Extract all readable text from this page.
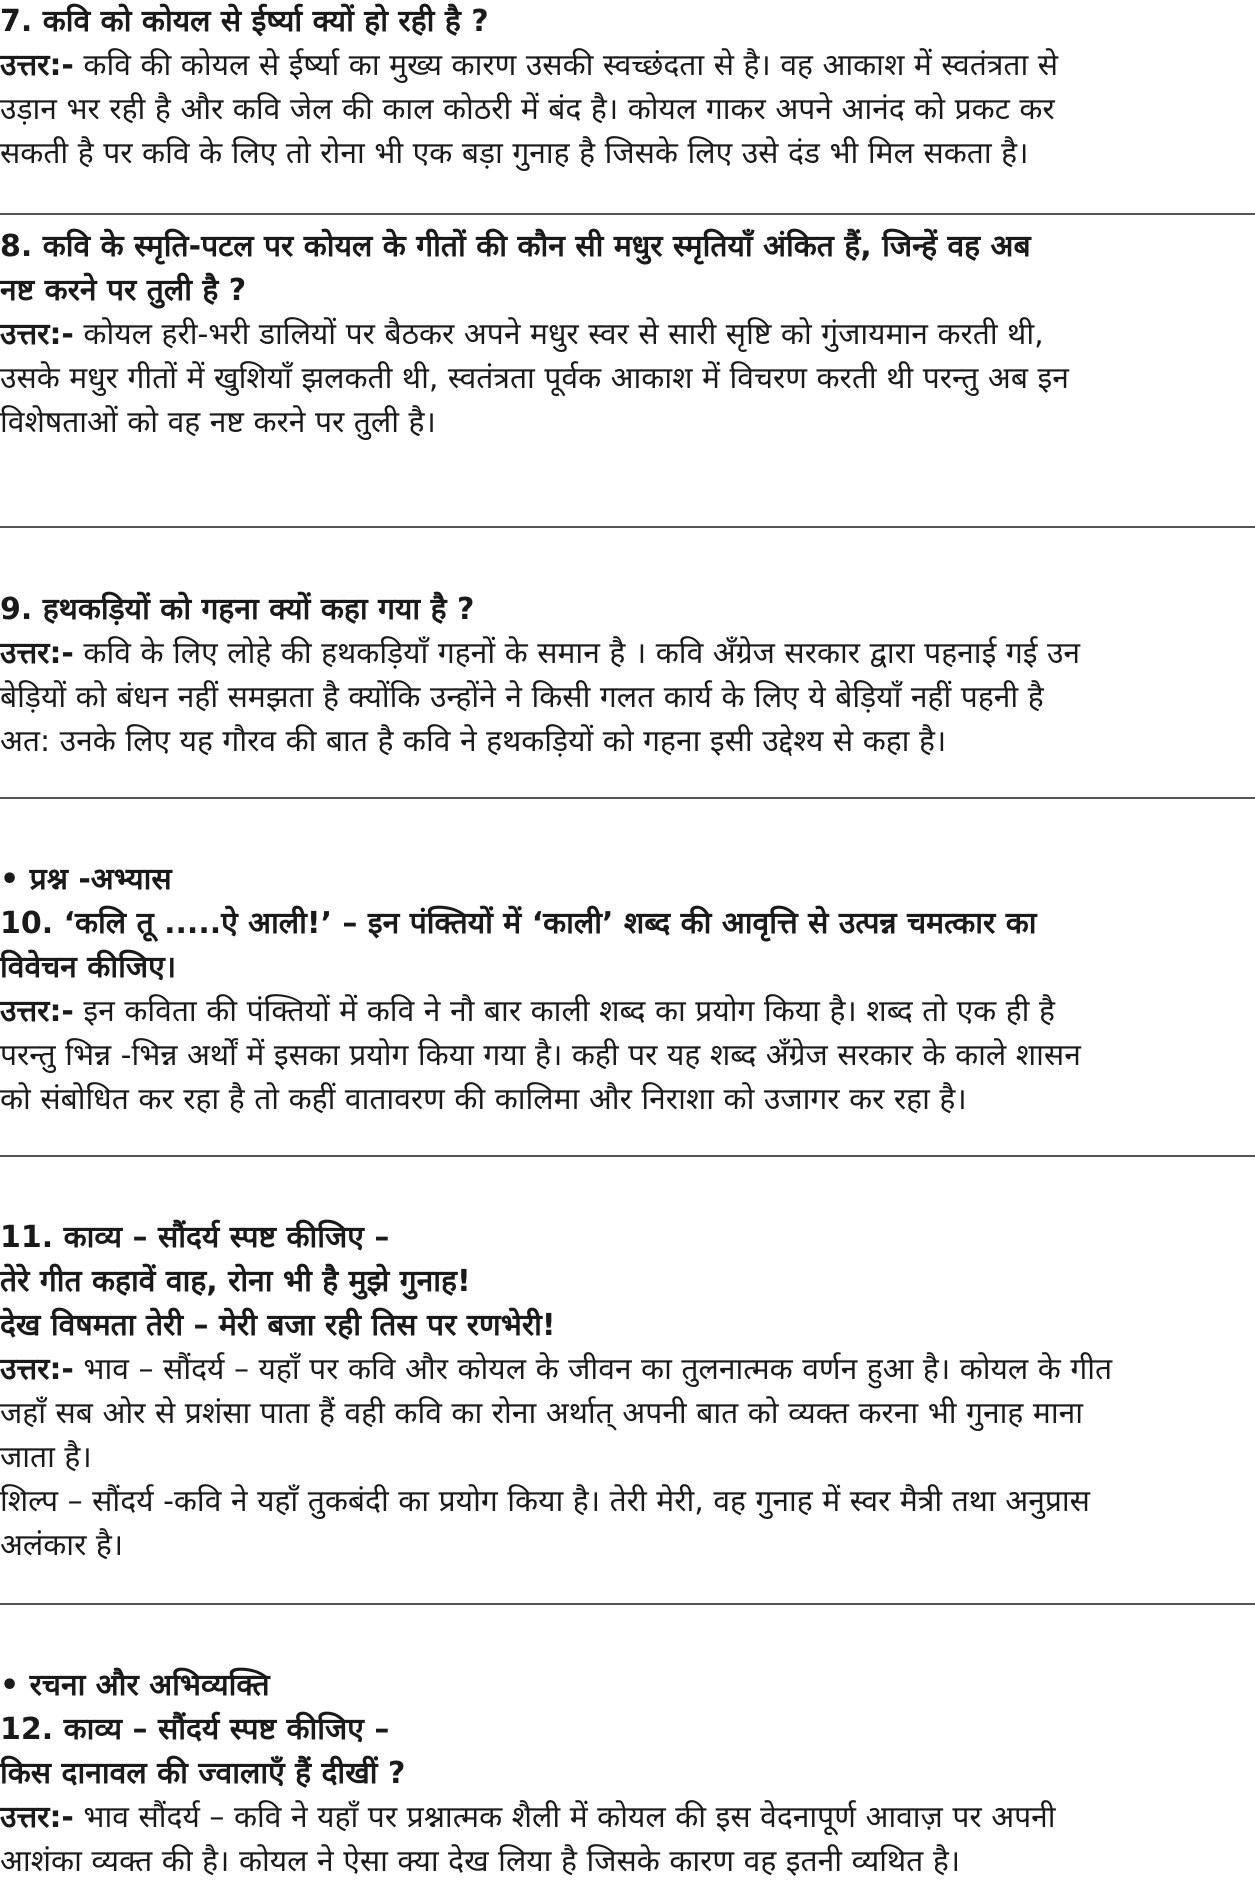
7. कवि को कोयल से ईर्ष्या क्यों हो रही है ?
उत्तर:- कवि की कोयल से ईर्ष्या का मुख्य कारण उसकी स्वच्छंदता से है। वह आकाश में स्वतंत्रता से
उड़ान भर रही है और कवि जेल की काल कोठरी में बंद है। कोयल गाकर अपने आनंद को प्रकट कर
सकती है पर कवि के लिए तो रोना भी एक बड़ा गुनाह है जिसके लिए उसे दंड भी मिल सकता है।
8. कवि के स्मृति-पटल पर कोयल के गीतों की कौन सी मधुर स्मृतियाँ अंकित हैं, जिन्हें वह अब
नष्ट करने पर तुली है ?
उत्तर:- कोयल हरी-भरी डालियों पर बैठकर अपने मधुर स्वर से सारी सृष्टि को गुंजायमान करती थी,
उसके मधुर गीतों में खुशियाँ झलकती थी, स्वतंत्रता पूर्वक आकाश में विचरण करती थी परन्तु अब इन
विशेषताओं को वह नष्ट करने पर तुली है।
9. हथकड़ियों को गहना क्यों कहा गया है ?
उत्तर:- कवि के लिए लोहे की हथकड़ियाँ गहनों के समान है । कवि अँग्रेज सरकार द्वारा पहनाई गई उन
बेड़ियों को बंधन नहीं समझता है क्योंकि उन्होंने ने किसी गलत कार्य के लिए ये बेड़ियाँ नहीं पहनी है
अत: उनके लिए यह गौरव की बात है कवि ने हथकड़ियों को गहना इसी उद्देश्य से कहा है।
• प्रश्न -अभ्यास
10. ‘कलि तू .....ऐ आली!’ – इन पंक्तियों में ‘काली’ शब्द की आवृत्ति से उत्पन्न चमत्कार का
विवेचन कीजिए।
उत्तर:- इन कविता की पंक्तियों में कवि ने नौ बार काली शब्द का प्रयोग किया है। शब्द तो एक ही है
परन्तु भिन्न -भिन्न अर्थों में इसका प्रयोग किया गया है। कही पर यह शब्द अँग्रेज सरकार के काले शासन
को संबोधित कर रहा है तो कहीं वातावरण की कालिमा और निराशा को उजागर कर रहा है।
11. काव्य – सौंदर्य स्पष्ट कीजिए –
तेरे गीत कहावें वाह, रोना भी है मुझे गुनाह!
देख विषमता तेरी – मेरी बजा रही तिस पर रणभेरी!
उत्तर:- भाव – सौंदर्य – यहाँ पर कवि और कोयल के जीवन का तुलनात्मक वर्णन हुआ है। कोयल के गीत
जहाँ सब ओर से प्रशंसा पाता हैं वही कवि का रोना अर्थात् अपनी बात को व्यक्त करना भी गुनाह माना
जाता है।
शिल्प – सौंदर्य -कवि ने यहाँ तुकबंदी का प्रयोग किया है। तेरी मेरी, वह गुनाह में स्वर मैत्री तथा अनुप्रास
अलंकार है।
• रचना और अभिव्यक्ति
12. काव्य – सौंदर्य स्पष्ट कीजिए –
किस दानावल की ज्वालाएँ हैं दीखीं ?
उत्तर:- भाव सौंदर्य – कवि ने यहाँ पर प्रश्नात्मक शैली में कोयल की इस वेदनापूर्ण आवाज़ पर अपनी
आशंका व्यक्त की है। कोयल ने ऐसा क्या देख लिया है जिसके कारण वह इतनी व्यथित है।
